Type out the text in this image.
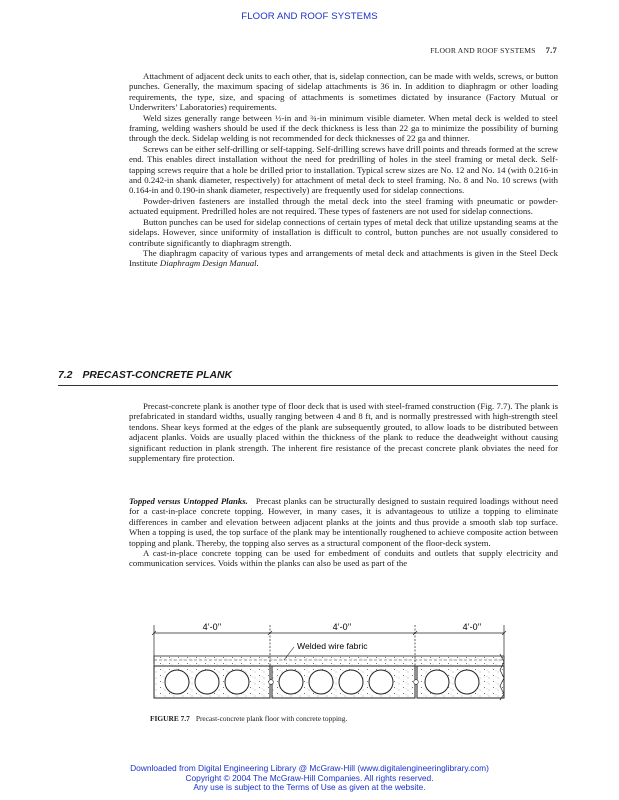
FLOOR AND ROOF SYSTEMS
FLOOR AND ROOF SYSTEMS 7.7

Attachment of adjacent deck units to each other, that is, sidelap connection, can be made with welds, screws, or button punches. Generally, the maximum spacing of sidelap attachments is 36 in. In addition to diaphragm or other loading requirements, the type, size, and spacing of attachments is sometimes dictated by insurance (Factory Mutual or Underwriters’ Laboratories) requirements.

Weld sizes generally range between ½-in and ¾-in minimum visible diameter. When metal deck is welded to steel framing, welding washers should be used if the deck thickness is less than 22 ga to minimize the possibility of burning through the deck. Sidelap welding is not recommended for deck thicknesses of 22 ga and thinner.

Screws can be either self-drilling or self-tapping. Self-drilling screws have drill points and threads formed at the screw end. This enables direct installation without the need for predrilling of holes in the steel framing or metal deck. Self-tapping screws require that a hole be drilled prior to installation. Typical screw sizes are No. 12 and No. 14 (with 0.216-in and 0.242-in shank diameter, respectively) for attachment of metal deck to steel framing. No. 8 and No. 10 screws (with 0.164-in and 0.190-in shank diameter, respectively) are frequently used for sidelap connections.

Powder-driven fasteners are installed through the metal deck into the steel framing with pneumatic or powder-actuated equipment. Predrilled holes are not required. These types of fasteners are not used for sidelap connections.

Button punches can be used for sidelap connections of certain types of metal deck that utilize upstanding seams at the sidelaps. However, since uniformity of installation is difficult to control, button punches are not usually considered to contribute significantly to diaphragm strength.

The diaphragm capacity of various types and arrangements of metal deck and attachments is given in the Steel Deck Institute Diaphragm Design Manual.

7.2 PRECAST-CONCRETE PLANK

Precast-concrete plank is another type of floor deck that is used with steel-framed construction (Fig. 7.7). The plank is prefabricated in standard widths, usually ranging between 4 and 8 ft, and is normally prestressed with high-strength steel tendons. Shear keys formed at the edges of the plank are subsequently grouted, to allow loads to be distributed between adjacent planks. Voids are usually placed within the thickness of the plank to reduce the deadweight without causing significant reduction in plank strength. The inherent fire resistance of the precast concrete plank obviates the need for supplementary fire protection.

Topped versus Untopped Planks. Precast planks can be structurally designed to sustain required loadings without need for a cast-in-place concrete topping. However, in many cases, it is advantageous to utilize a topping to eliminate differences in camber and elevation between adjacent planks at the joints and thus provide a smooth slab top surface. When a topping is used, the top surface of the plank may be intentionally roughened to achieve composite action between topping and plank. Thereby, the topping also serves as a structural component of the floor-deck system.

A cast-in-place concrete topping can be used for embedment of conduits and outlets that supply electricity and communication services. Voids within the planks can also be used as part of the

4’-0’’	4’-0’’	4’-0’’
Welded wire fabric
FIGURE 7.7 Precast-concrete plank floor with concrete topping.
Downloaded from Digital Engineering Library @ McGraw-Hill (www.digitalengineeringlibrary.com)
Copyright © 2004 The McGraw-Hill Companies. All rights reserved.
Any use is subject to the Terms of Use as given at the website.
